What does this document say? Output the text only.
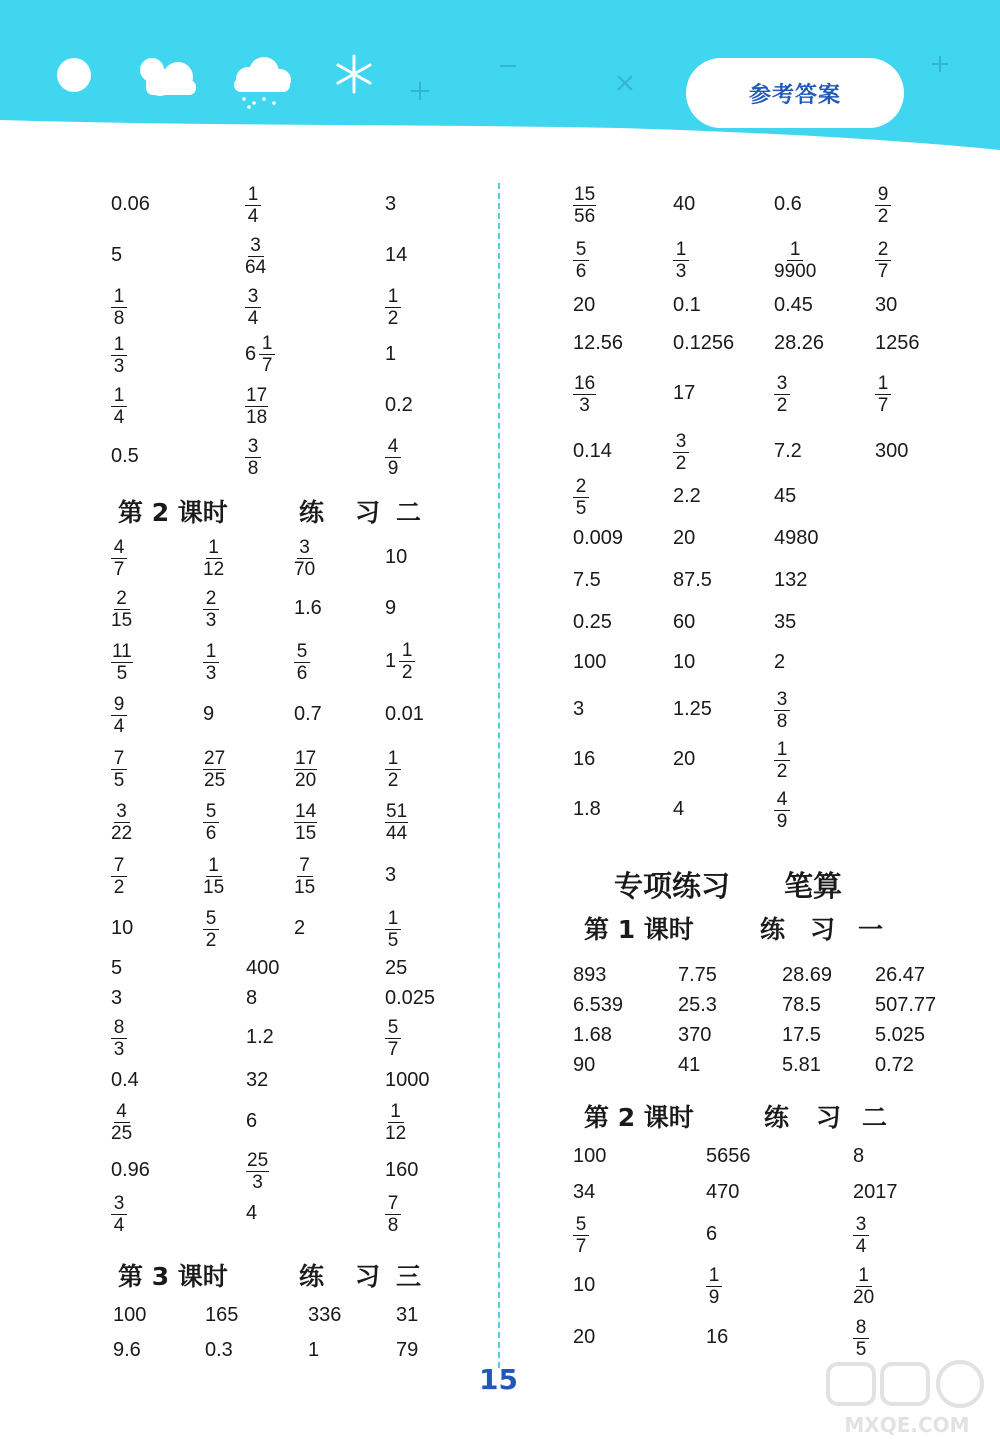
参考答案
0.06	$\frac{1}{4}$	3
5	$\frac{3}{64}$	14
$\frac{1}{8}$	$\frac{3}{4}$	$\frac{1}{2}$
$\frac{1}{3}$	$6 \frac{1}{7}$	1
$\frac{1}{4}$	$\frac{17}{18}$	0.2
0.5	$\frac{3}{8}$	$\frac{4}{9}$
第 2 课时	练 习 二
$\frac{4}{7}$	$\frac{1}{12}$	$\frac{3}{70}$	10
$\frac{2}{15}$	$\frac{2}{3}$	1.6	9
$\frac{11}{5}$	$\frac{1}{3}$	$\frac{5}{6}$	$1 \frac{1}{2}$
$\frac{9}{4}$	9	0.7	0.01
$\frac{7}{5}$	$\frac{27}{25}$	$\frac{17}{20}$	$\frac{1}{2}$
$\frac{3}{22}$	$\frac{5}{6}$	$\frac{14}{15}$	$\frac{51}{44}$
$\frac{7}{2}$	$\frac{1}{15}$	$\frac{7}{15}$	3
10	$\frac{5}{2}$	2	$\frac{1}{5}$
5	400	25
3	8	0.025
$\frac{8}{3}$	1.2	$\frac{5}{7}$
0.4	32	1000
$\frac{4}{25}$	6	$\frac{1}{12}$
0.96	$\frac{25}{3}$	160
$\frac{3}{4}$	4	$\frac{7}{8}$
第 3 课时	练 习 三
100	165	336	31
9.6	0.3	1	79
$\frac{15}{56}$	40	0.6	$\frac{9}{2}$
$\frac{5}{6}$	$\frac{1}{3}$	$\frac{1}{9900}$	$\frac{2}{7}$
20	0.1	0.45	30
12.56 0.1256 28.26	1256
$\frac{16}{3}$	17	$\frac{3}{2}$	$\frac{1}{7}$
0.14	$\frac{3}{2}$	7.2	300
$\frac{2}{5}$	2.2	45
0.009 20	4980
7.5	87.5	132
0.25	60	35
100	10	2
3	1.25	$\frac{3}{8}$
16	20	$\frac{1}{2}$
1.8	4	$\frac{4}{9}$
专项练习 笔算
第 1 课时	练 习 一
893	7.75	28.69 26.47
6.539	25.3	78.5	507.77
1.68	370	17.5	5.025
90	41	5.81	0.72
第 2 课时	练 习 二
100	5656	8
34	470	2017
$\frac{5}{7}$	6	$\frac{3}{4}$
10	$\frac{1}{9}$	$\frac{1}{20}$
20	16	$\frac{8}{5}$
15
MXQE.COM
